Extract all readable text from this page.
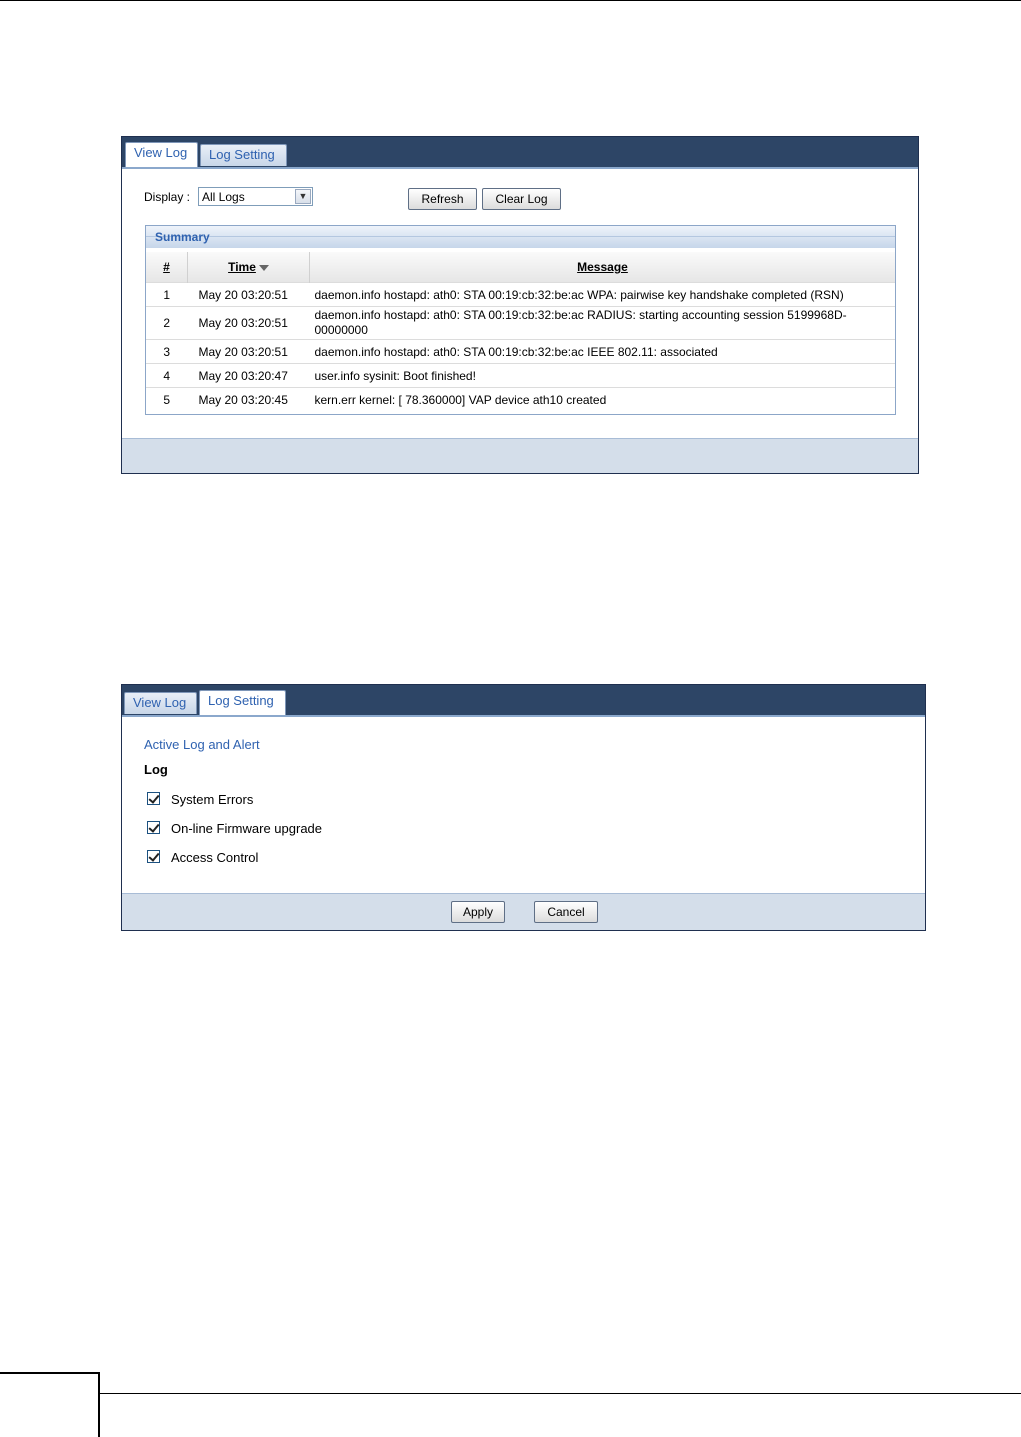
View Log	Log Setting
Display : All Logs	▼	Refresh	Clear Log
Summary
#	Time	Message
1	May 20 03:20:51	daemon.info hostapd: ath0: STA 00:19:cb:32:be:ac WPA: pairwise key handshake completed (RSN)
2	May 20 03:20:51	daemon.info hostapd: ath0: STA 00:19:cb:32:be:ac RADIUS: starting accounting session 5199968D-00000000
3	May 20 03:20:51	daemon.info hostapd: ath0: STA 00:19:cb:32:be:ac IEEE 802.11: associated
4	May 20 03:20:47	user.info sysinit: Boot finished!
5	May 20 03:20:45	kern.err kernel: [ 78.360000] VAP device ath10 created
View Log	Log Setting
Active Log and Alert
Log
System Errors
On-line Firmware upgrade
Access Control
Apply	Cancel
